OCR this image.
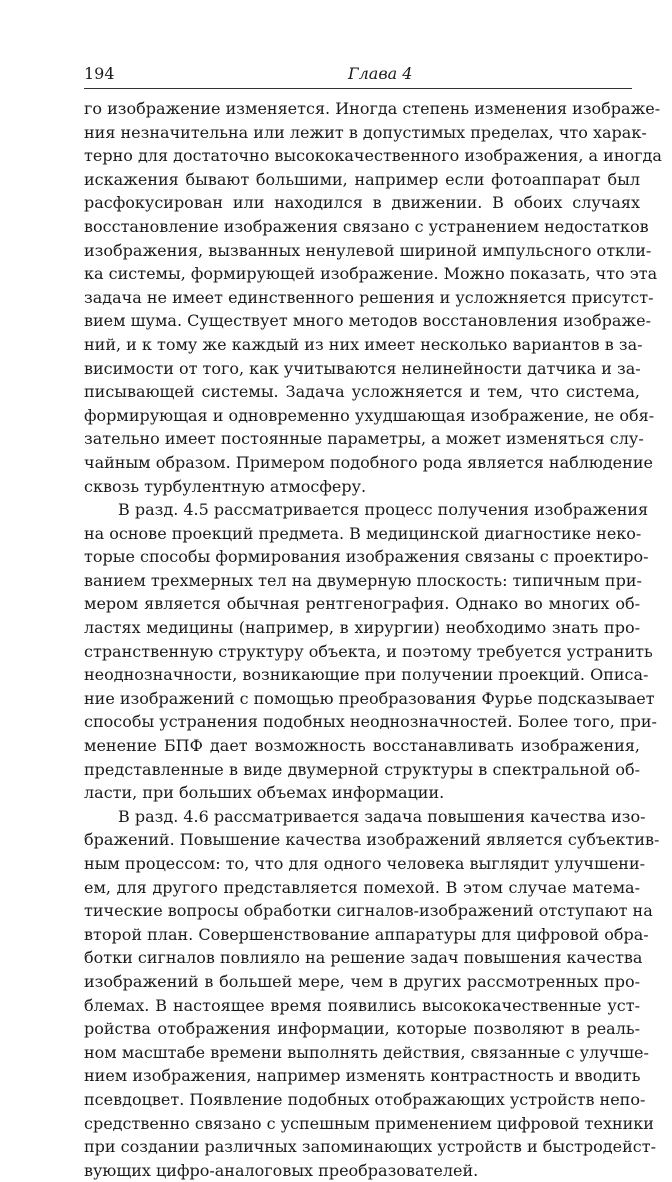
194	Глава 4
го изображение изменяется. Иногда степень изменения изображе-
ния незначительна или лежит в допустимых пределах, что харак-
терно для достаточно высококачественного изображения, а иногда
искажения бывают большими, например если фотоаппарат был
расфокусирован или находился в движении. В обоих случаях
восстановление изображения связано с устранением недостатков
изображения, вызванных ненулевой шириной импульсного откли-
ка системы, формирующей изображение. Можно показать, что эта
задача не имеет единственного решения и усложняется присутст-
вием шума. Существует много методов восстановления изображе-
ний, и к тому же каждый из них имеет несколько вариантов в за-
висимости от того, как учитываются нелинейности датчика и за-
писывающей системы. Задача усложняется и тем, что система,
формирующая и одновременно ухудшающая изображение, не обя-
зательно имеет постоянные параметры, а может изменяться слу-
чайным образом. Примером подобного рода является наблюдение
сквозь турбулентную атмосферу.
В разд. 4.5 рассматривается процесс получения изображения
на основе проекций предмета. В медицинской диагностике неко-
торые способы формирования изображения связаны с проектиро-
ванием трехмерных тел на двумерную плоскость: типичным при-
мером является обычная рентгенография. Однако во многих об-
ластях медицины (например, в хирургии) необходимо знать про-
странственную структуру объекта, и поэтому требуется устранить
неоднозначности, возникающие при получении проекций. Описа-
ние изображений с помощью преобразования Фурье подсказывает
способы устранения подобных неоднозначностей. Более того, при-
менение БПФ дает возможность восстанавливать изображения,
представленные в виде двумерной структуры в спектральной об-
ласти, при больших объемах информации.
В разд. 4.6 рассматривается задача повышения качества изо-
бражений. Повышение качества изображений является субъектив-
ным процессом: то, что для одного человека выглядит улучшени-
ем, для другого представляется помехой. В этом случае матема-
тические вопросы обработки сигналов-изображений отступают на
второй план. Совершенствование аппаратуры для цифровой обра-
ботки сигналов повлияло на решение задач повышения качества
изображений в большей мере, чем в других рассмотренных про-
блемах. В настоящее время появились высококачественные уст-
ройства отображения информации, которые позволяют в реаль-
ном масштабе времени выполнять действия, связанные с улучше-
нием изображения, например изменять контрастность и вводить
псевдоцвет. Появление подобных отображающих устройств непо-
средственно связано с успешным применением цифровой техники
при создании различных запоминающих устройств и быстродейст-
вующих цифро-аналоговых преобразователей.
